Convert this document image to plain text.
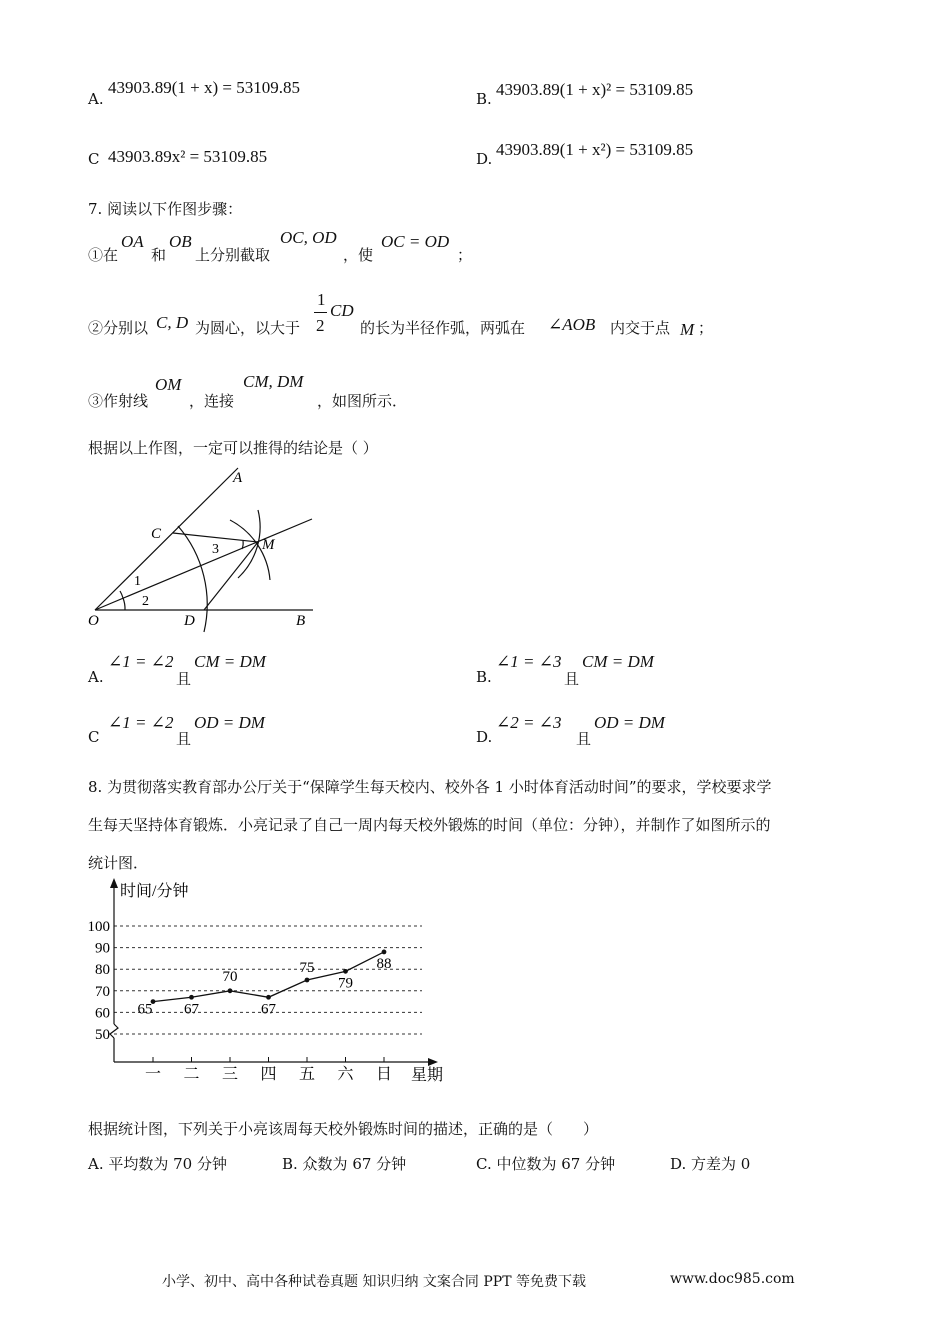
A.
43903.89(1 + x) = 53109.85
B. 43903.89(1 + x)² = 53109.85
C 43903.89x² = 53109.85	D. 43903.89(1 + x²) = 53109.85
7. 阅读以下作图步骤：
①在
OA
和
OB
上分别截取
OC, OD
，使
OC = OD
；
②分别以 C, D 为圆心，以大于
1
2
CD
的长为半径作弧，两弧在 ∠AOB 内交于点 M ；
③作射线
OM
，连接
CM, DM
，如图所示．
根据以上作图，一定可以推得的结论是（ ）
A
C
M
3
1
2
O	D	B
A.
∠1 = ∠2
且
CM = DM
B.
∠1 = ∠3
且
CM = DM
C
∠1 = ∠2
且
OD = DM
D.
∠2 = ∠3
且
OD = DM
8. 为贯彻落实教育部办公厅关于“保障学生每天校内、校外各 1 小时体育活动时间”的要求，学校要求学
生每天坚持体育锻炼．小亮记录了自己一周内每天校外锻炼的时间（单位：分钟），并制作了如图所示的
统计图．
时间/分钟
星期
50
60
70
80
90
100
一 二 三 四 五 六 日
65 67
70
67
75
79
88
根据统计图，下列关于小亮该周每天校外锻炼时间的描述，正确的是（　　）
A. 平均数为 70 分钟	B. 众数为 67 分钟	C. 中位数为 67 分钟	D. 方差为 0
小学、初中、高中各种试卷真题 知识归纳 文案合同 PPT 等免费下载	www.doc985.com
